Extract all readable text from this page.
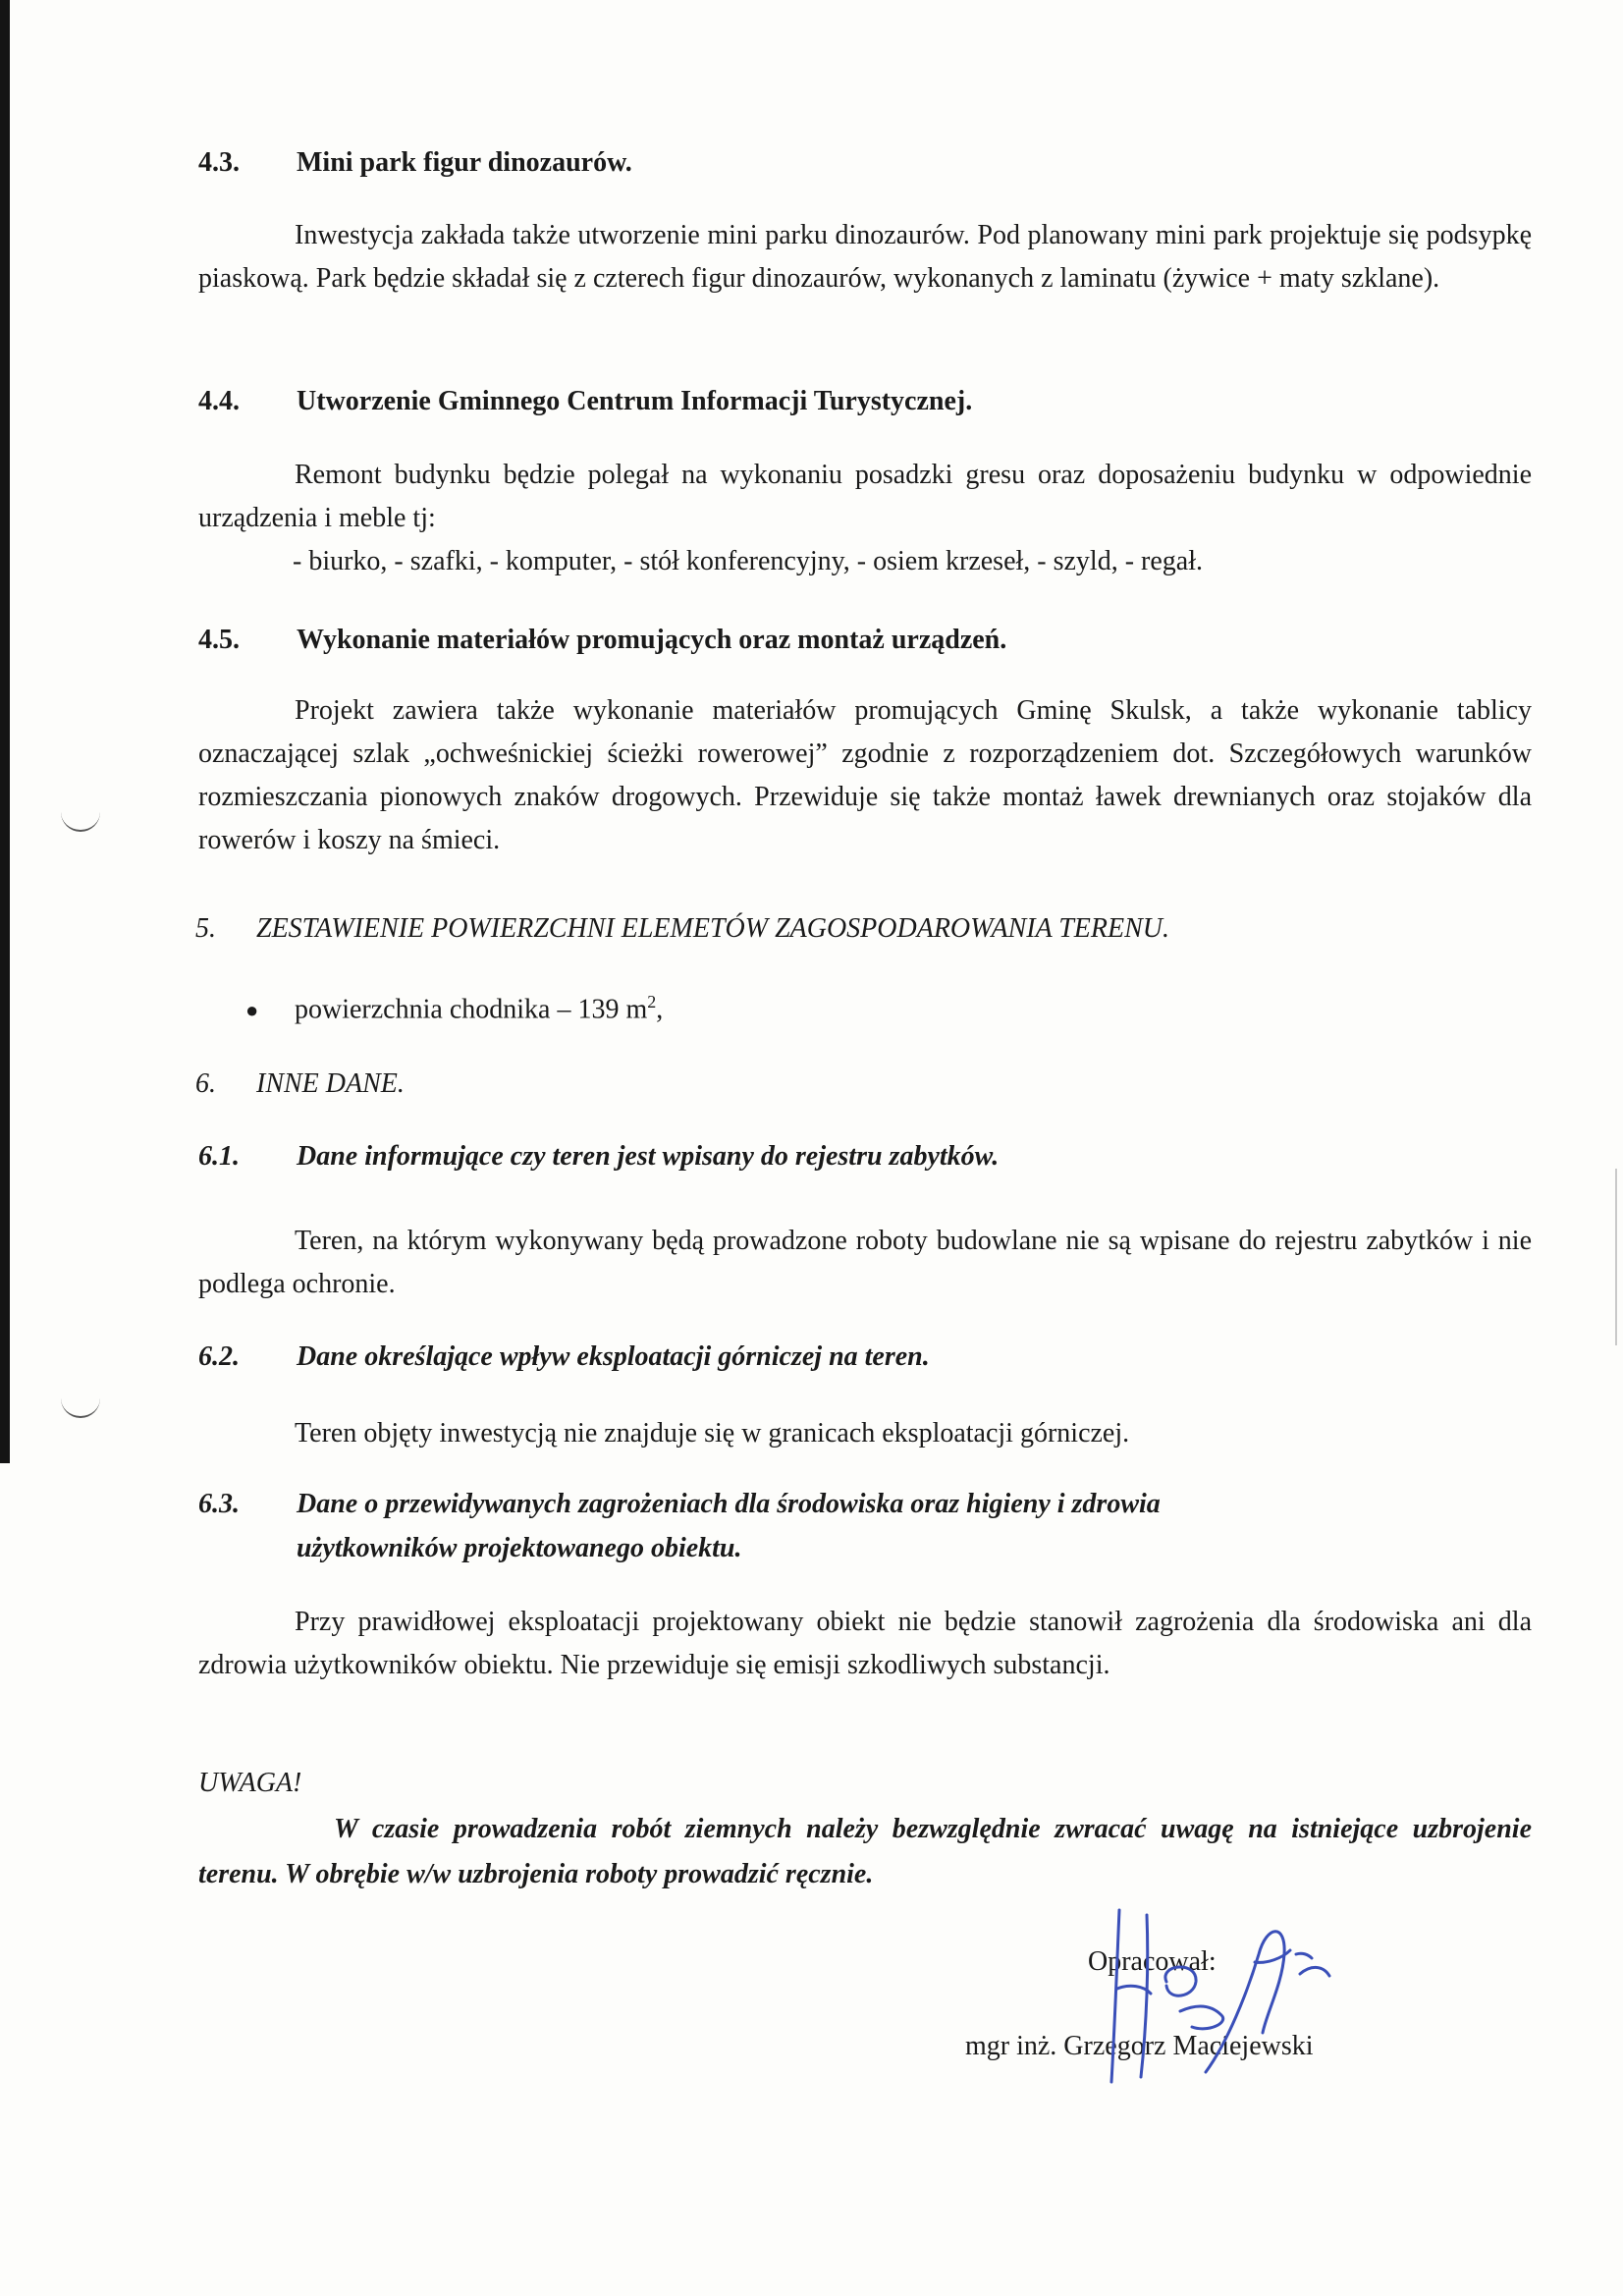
4.3. Mini park figur dinozaurów.

Inwestycja zakłada także utworzenie mini parku dinozaurów. Pod planowany mini park projektuje się podsypkę piaskową. Park będzie składał się z czterech figur dinozaurów, wykonanych z laminatu (żywice + maty szklane).

4.4. Utworzenie Gminnego Centrum Informacji Turystycznej.

Remont budynku będzie polegał na wykonaniu posadzki gresu oraz doposażeniu budynku w odpowiednie urządzenia i meble tj:

- biurko, - szafki, - komputer, - stół konferencyjny, - osiem krzeseł, - szyld, - regał.
4.5. Wykonanie materiałów promujących oraz montaż urządzeń.

Projekt zawiera także wykonanie materiałów promujących Gminę Skulsk, a także wykonanie tablicy oznaczającej szlak „ochweśnickiej ścieżki rowerowej” zgodnie z rozporządzeniem dot. Szczegółowych warunków rozmieszczania pionowych znaków drogowych. Przewiduje się także montaż ławek drewnianych oraz stojaków dla rowerów i koszy na śmieci.

5. ZESTAWIENIE POWIERZCHNI ELEMETÓW ZAGOSPODAROWANIA TERENU.
● powierzchnia chodnika – 139 $m^2$,
6. INNE DANE.
6.1. Dane informujące czy teren jest wpisany do rejestru zabytków.

Teren, na którym wykonywany będą prowadzone roboty budowlane nie są wpisane do rejestru zabytków i nie podlega ochronie.

6.2. Dane określające wpływ eksploatacji górniczej na teren.

Teren objęty inwestycją nie znajduje się w granicach eksploatacji górniczej.

6.3. Dane o przewidywanych zagrożeniach dla środowiska oraz higieny i zdrowia
użytkowników projektowanego obiektu.

Przy prawidłowej eksploatacji projektowany obiekt nie będzie stanowił zagrożenia dla środowiska ani dla zdrowia użytkowników obiektu. Nie przewiduje się emisji szkodliwych substancji.

UWAGA!

W czasie prowadzenia robót ziemnych należy bezwzględnie zwracać uwagę na istniejące uzbrojenie terenu. W obrębie w/w uzbrojenia roboty prowadzić ręcznie.

Opracował:
mgr inż. Grzegorz Maciejewski
